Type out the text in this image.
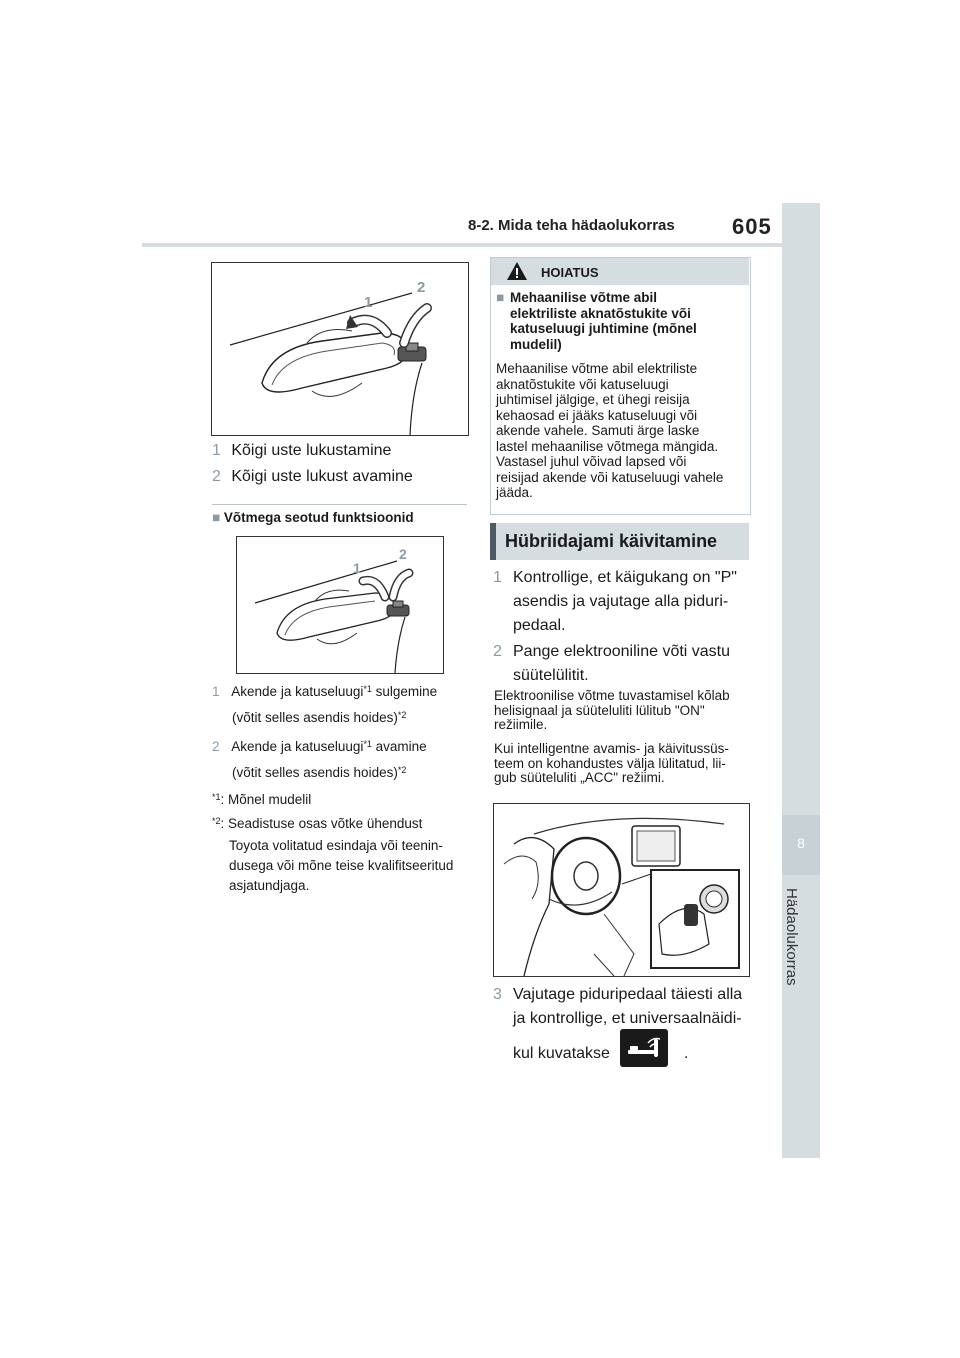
8-2. Mida teha hädaolukorras	605
8
Hädaolukorras
1
2
1 Kõigi uste lukustamine
2 Kõigi uste lukust avamine
■ Võtmega seotud funktsioonid
1
2
1 Akende ja katuseluugi$^{*1}$ sulgemine
(võtit selles asendis hoides)$^{*2}$
2 Akende ja katuseluugi$^{*1}$ avamine
(võtit selles asendis hoides)$^{*2}$
$^{*1}$: Mõnel mudelil
$^{*2}$: Seadistuse osas võtke ühendust
Toyota volitatud esindaja või teenin-
dusega või mõne teise kvalifitseeritud
asjatundjaga.
HOIATUS
■ Mehaanilise võtme abil
elektriliste aknatõstukite või
katuseluugi juhtimine (mõnel
mudelil)
Mehaanilise võtme abil elektriliste
aknatõstukite või katuseluugi
juhtimisel jälgige, et ühegi reisija
kehaosad ei jääks katuseluugi või
akende vahele. Samuti ärge laske
lastel mehaanilise võtmega mängida.
Vastasel juhul võivad lapsed või
reisijad akende või katuseluugi vahele
jääda.
Hübriidajami käivitamine
1 Kontrollige, et käigukang on "P"
asendis ja vajutage alla piduri-
pedaal.
2 Pange elektrooniline võti vastu
süütelülitit.
Elektroonilise võtme tuvastamisel kõlab
helisignaal ja süüteluliti lülitub "ON"
režiimile.
Kui intelligentne avamis- ja käivitussüs-
teem on kohandustes välja lülitatud, lii-
gub süüteluliti „ACC" režiimi.
3 Vajutage piduripedaal täiesti alla
ja kontrollige, et universaalnäidi-
kul kuvatakse	.
